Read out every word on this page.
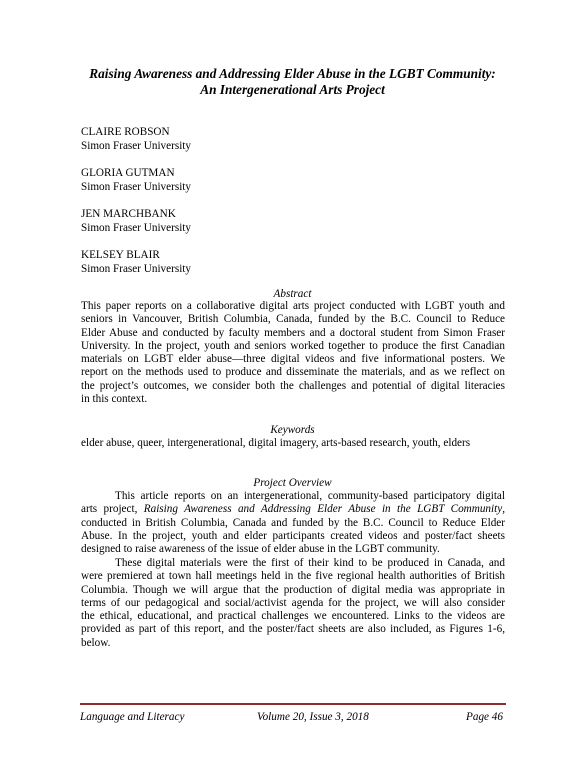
Raising Awareness and Addressing Elder Abuse in the LGBT Community:
An Intergenerational Arts Project
CLAIRE ROBSON
Simon Fraser University
GLORIA GUTMAN
Simon Fraser University
JEN MARCHBANK
Simon Fraser University
KELSEY BLAIR
Simon Fraser University
Abstract
This paper reports on a collaborative digital arts project conducted with LGBT youth and
seniors in Vancouver, British Columbia, Canada, funded by the B.C. Council to Reduce
Elder Abuse and conducted by faculty members and a doctoral student from Simon Fraser
University. In the project, youth and seniors worked together to produce the first Canadian
materials on LGBT elder abuse—three digital videos and five informational posters. We
report on the methods used to produce and disseminate the materials, and as we reflect on
the project’s outcomes, we consider both the challenges and potential of digital literacies
in this context.
Keywords
elder abuse, queer, intergenerational, digital imagery, arts-based research, youth, elders
Project Overview
This article reports on an intergenerational, community-based participatory digital
arts project, Raising Awareness and Addressing Elder Abuse in the LGBT Community,
conducted in British Columbia, Canada and funded by the B.C. Council to Reduce Elder
Abuse. In the project, youth and elder participants created videos and poster/fact sheets
designed to raise awareness of the issue of elder abuse in the LGBT community.
These digital materials were the first of their kind to be produced in Canada, and
were premiered at town hall meetings held in the five regional health authorities of British
Columbia. Though we will argue that the production of digital media was appropriate in
terms of our pedagogical and social/activist agenda for the project, we will also consider
the ethical, educational, and practical challenges we encountered. Links to the videos are
provided as part of this report, and the poster/fact sheets are also included, as Figures 1-6,
below.
Language and Literacy	Volume 20, Issue 3, 2018	Page 46
